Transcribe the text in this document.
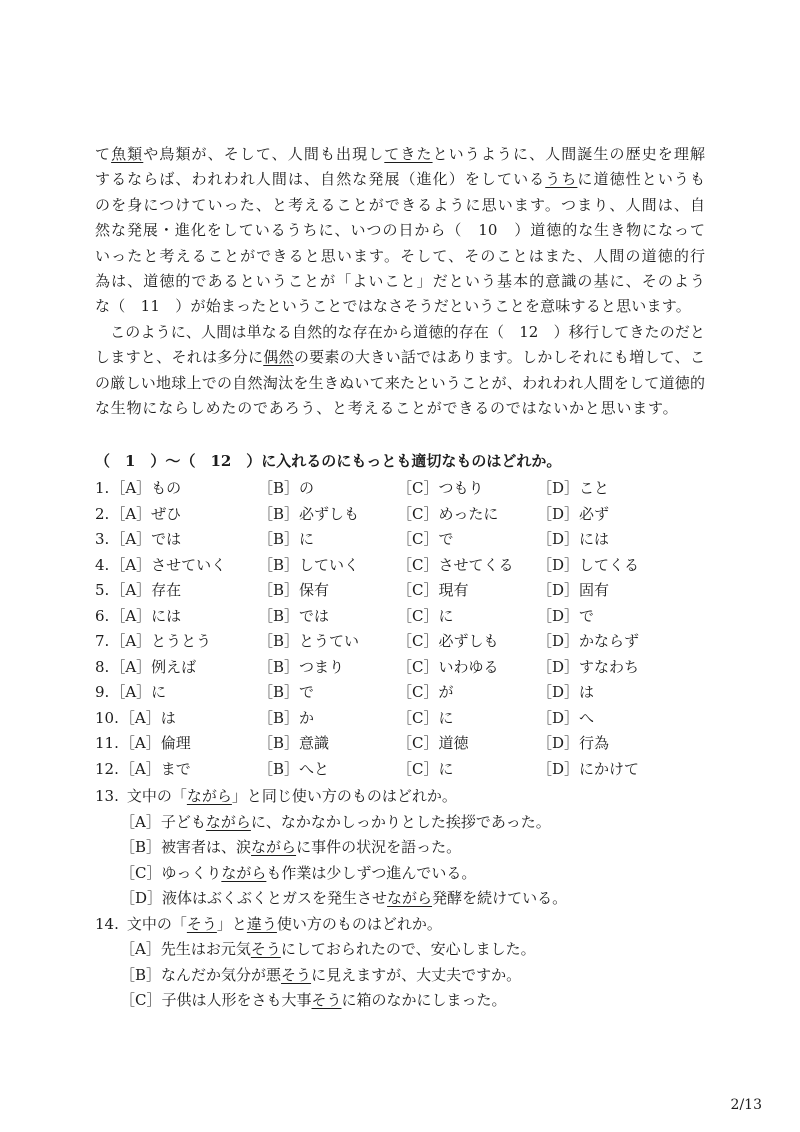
て魚類や鳥類が、そして、人間も出現してきたというように、人間誕生の歴史を理解
するならば、われわれ人間は、自然な発展（進化）をしているうちに道徳性というも
のを身につけていった、と考えることができるように思います。つまり、人間は、自
然な発展・進化をしているうちに、いつの日から（　10　）道徳的な生き物になって
いったと考えることができると思います。そして、そのことはまた、人間の道徳的行
為は、道徳的であるということが「よいこと」だという基本的意識の基に、そのよう
な（　11　）が始まったということではなさそうだということを意味すると思います。
　このように、人間は単なる自然的な存在から道徳的存在（　12　）移行してきたのだと
しますと、それは多分に偶然の要素の大きい話ではあります。しかしそれにも増して、こ
の厳しい地球上での自然淘汰を生きぬいて来たということが、われわれ人間をして道徳的
な生物にならしめたのであろう、と考えることができるのではないかと思います。
（　1　）～（　12　）に入れるのにもっとも適切なものはどれか。
1.［A］もの	［B］の	［C］つもり	［D］こと
2.［A］ぜひ	［B］必ずしも	［C］めったに	［D］必ず
3.［A］では	［B］に	［C］で	［D］には
4.［A］させていく ［B］していく	［C］させてくる ［D］してくる
5.［A］存在	［B］保有	［C］現有	［D］固有
6.［A］には	［B］では	［C］に	［D］で
7.［A］とうとう	［B］とうてい	［C］必ずしも	［D］かならず
8.［A］例えば	［B］つまり	［C］いわゆる	［D］すなわち
9.［A］に	［B］で	［C］が	［D］は
10.［A］は	［B］か	［C］に	［D］へ
11.［A］倫理	［B］意識	［C］道徳	［D］行為
12.［A］まで	［B］へと	［C］に	［D］にかけて
13. 文中の「ながら」と同じ使い方のものはどれか。
［A］子どもながらに、なかなかしっかりとした挨拶であった。
［B］被害者は、涙ながらに事件の状況を語った。
［C］ゆっくりながらも作業は少しずつ進んでいる。
［D］液体はぶくぶくとガスを発生させながら発酵を続けている。
14. 文中の「そう」と違う使い方のものはどれか。
［A］先生はお元気そうにしておられたので、安心しました。
［B］なんだか気分が悪そうに見えますが、大丈夫ですか。
［C］子供は人形をさも大事そうに箱のなかにしまった。
2/13
